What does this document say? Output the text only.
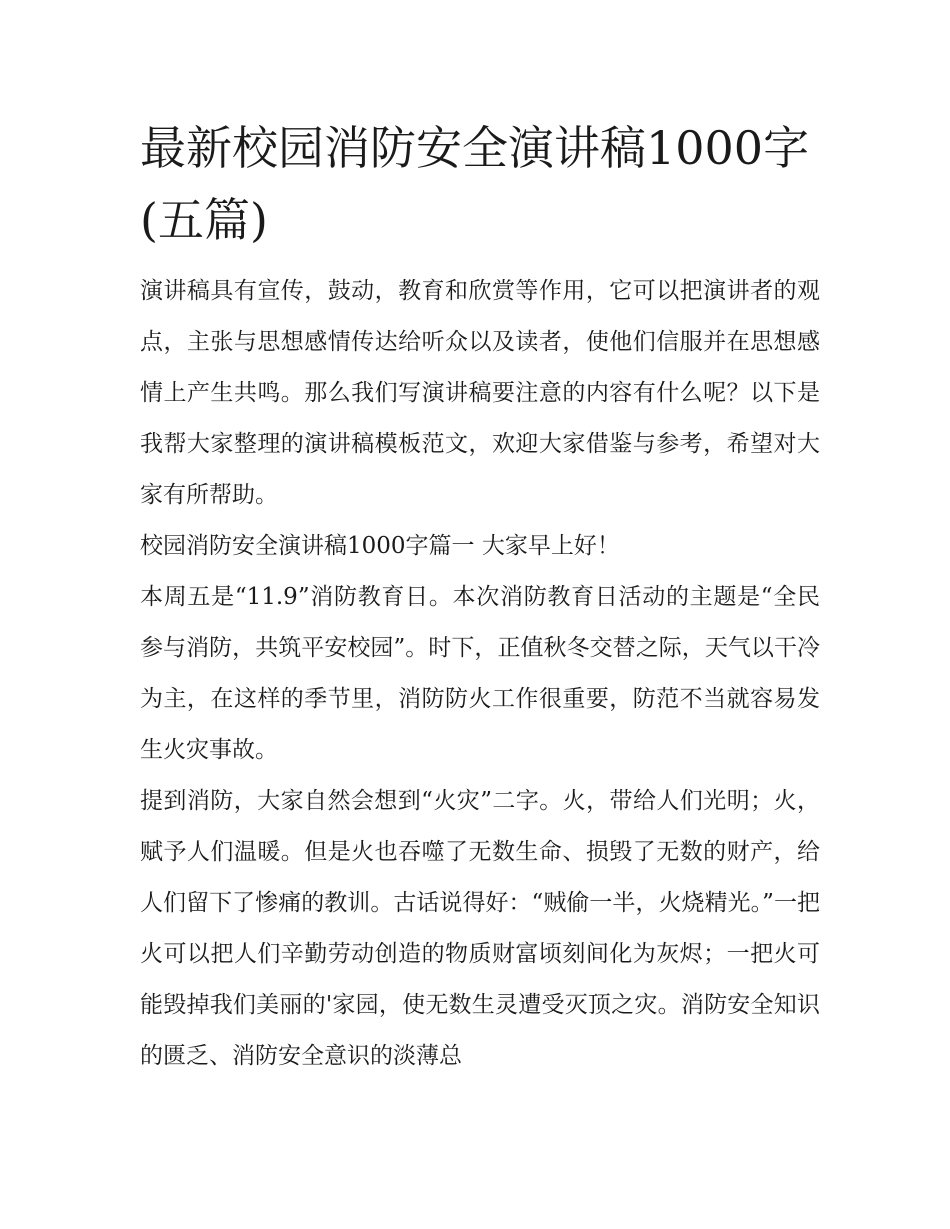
最新校园消防安全演讲稿1000字(五篇)

演讲稿具有宣传，鼓动，教育和欣赏等作用，它可以把演讲者的观点，主张与思想感情传达给听众以及读者，使他们信服并在思想感情上产生共鸣。那么我们写演讲稿要注意的内容有什么呢？以下是我帮大家整理的演讲稿模板范文，欢迎大家借鉴与参考，希望对大家有所帮助。

校园消防安全演讲稿1000字篇一 大家早上好！

本周五是“11.9”消防教育日。本次消防教育日活动的主题是“全民参与消防，共筑平安校园”。时下，正值秋冬交替之际，天气以干冷为主，在这样的季节里，消防防火工作很重要，防范不当就容易发生火灾事故。

提到消防，大家自然会想到“火灾”二字。火，带给人们光明；火，赋予人们温暖。但是火也吞噬了无数生命、损毁了无数的财产，给人们留下了惨痛的教训。古话说得好：“贼偷一半，火烧精光。”一把火可以把人们辛勤劳动创造的物质财富顷刻间化为灰烬；一把火可能毁掉我们美丽的'家园，使无数生灵遭受灭顶之灾。消防安全知识的匮乏、消防安全意识的淡薄总
